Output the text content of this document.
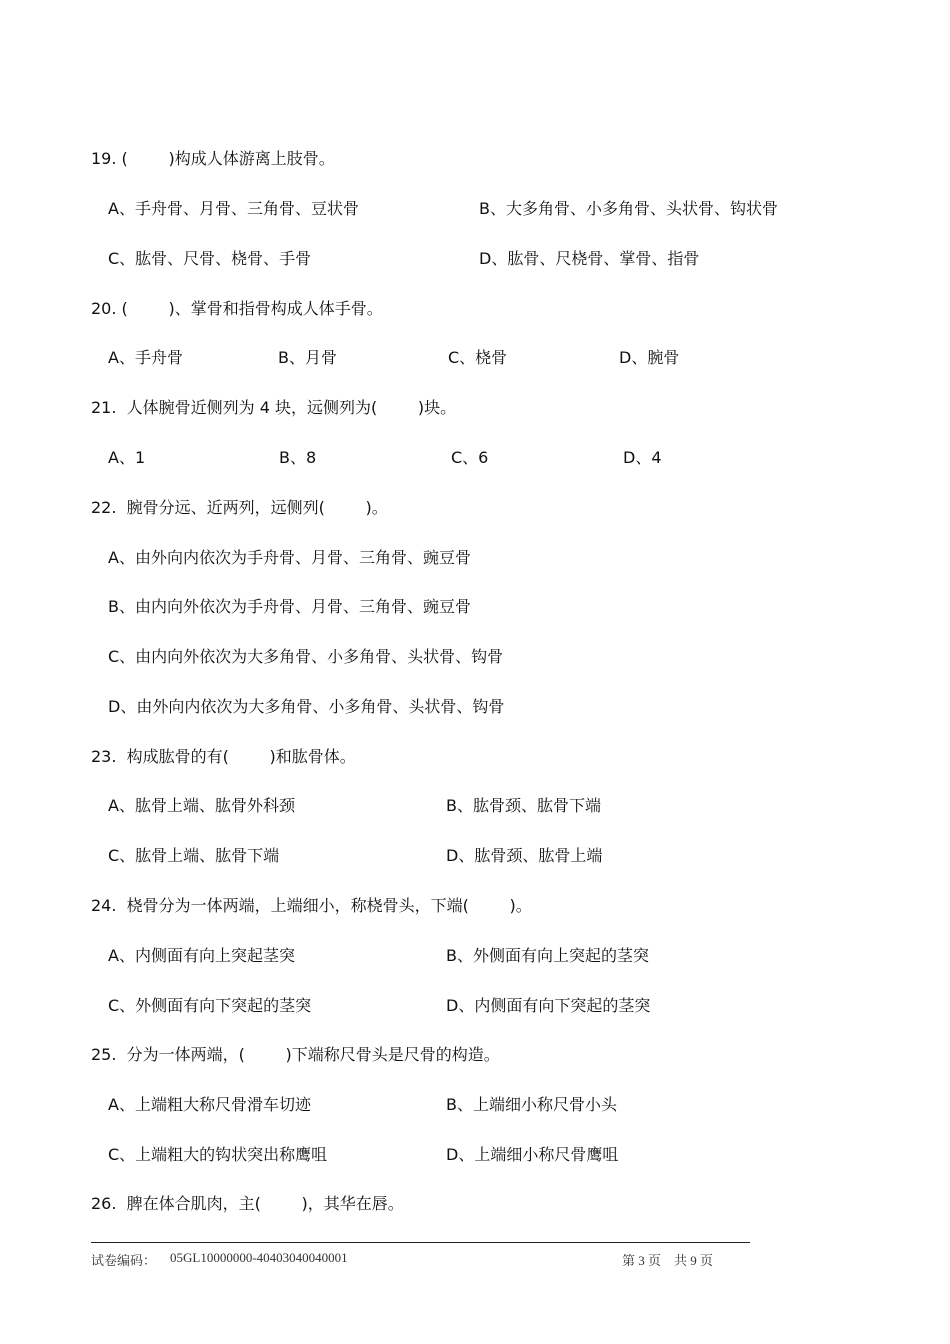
19. (        )构成人体游离上肢骨。
A、手舟骨、月骨、三角骨、豆状骨	B、大多角骨、小多角骨、头状骨、钩状骨
C、肱骨、尺骨、桡骨、手骨	D、肱骨、尺桡骨、掌骨、指骨
20. (        )、掌骨和指骨构成人体手骨。
A、手舟骨	B、月骨	C、桡骨	D、腕骨
21.  人体腕骨近侧列为 4 块，远侧列为(        )块。
A、1	B、8	C、6	D、4
22.  腕骨分远、近两列，远侧列(        )。
A、由外向内依次为手舟骨、月骨、三角骨、豌豆骨
B、由内向外依次为手舟骨、月骨、三角骨、豌豆骨
C、由内向外依次为大多角骨、小多角骨、头状骨、钩骨
D、由外向内依次为大多角骨、小多角骨、头状骨、钩骨
23.  构成肱骨的有(        )和肱骨体。
A、肱骨上端、肱骨外科颈	B、肱骨颈、肱骨下端
C、肱骨上端、肱骨下端	D、肱骨颈、肱骨上端
24.  桡骨分为一体两端，上端细小，称桡骨头，下端(        )。
A、内侧面有向上突起茎突	B、外侧面有向上突起的茎突
C、外侧面有向下突起的茎突	D、内侧面有向下突起的茎突
25.  分为一体两端，(        )下端称尺骨头是尺骨的构造。
A、上端粗大称尺骨滑车切迹	B、上端细小称尺骨小头
C、上端粗大的钩状突出称鹰咀	D、上端细小称尺骨鹰咀
26.  脾在体合肌肉，主(        )，其华在唇。
试卷编码： 05GL10000000-40403040040001	第 3 页    共 9 页
